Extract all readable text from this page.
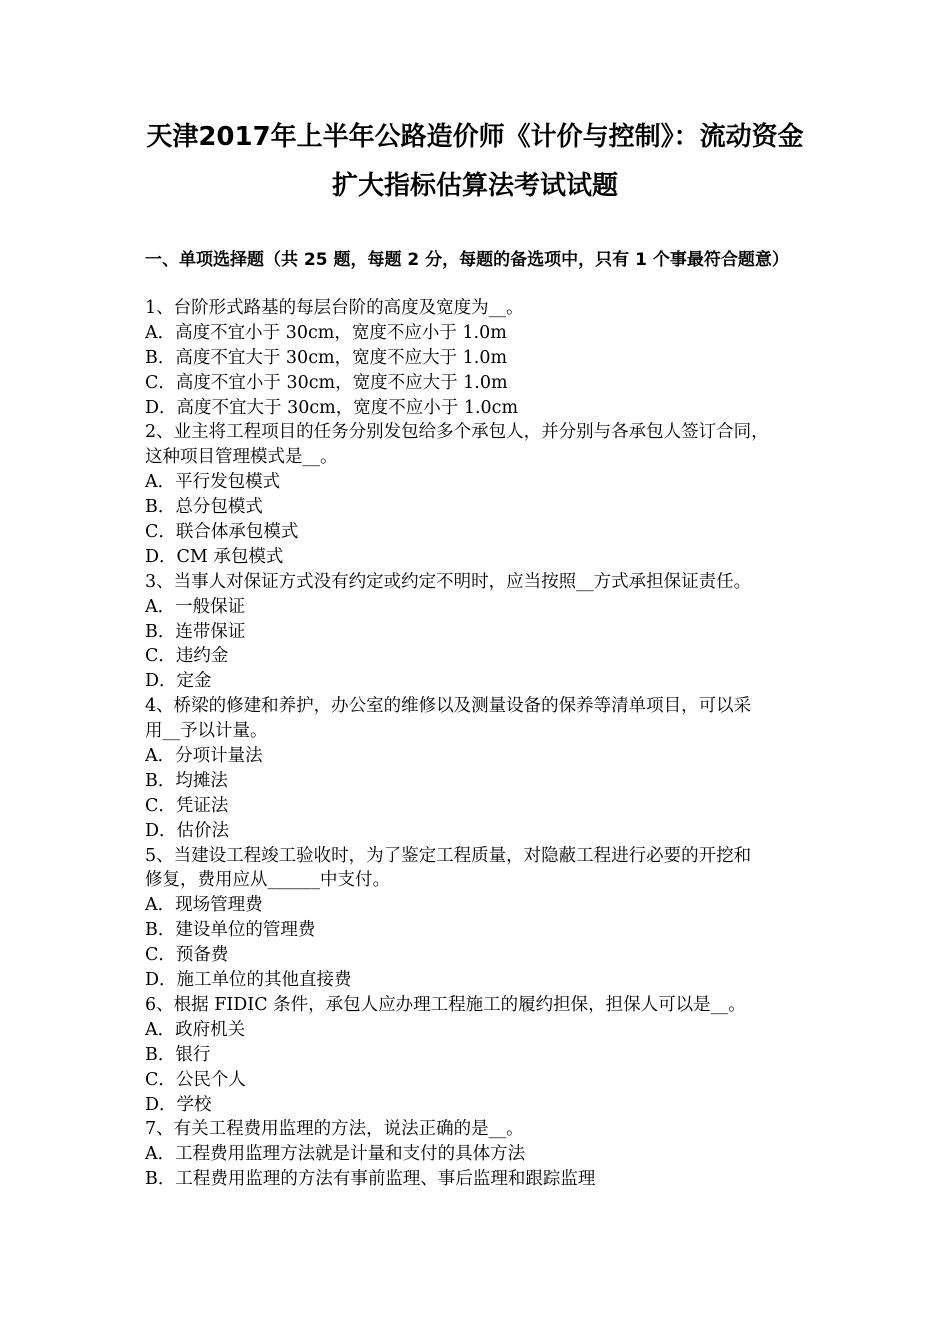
天津2017年上半年公路造价师《计价与控制》：流动资金
扩大指标估算法考试试题
一、单项选择题（共 25 题，每题 2 分，每题的备选项中，只有 1 个事最符合题意）
1、台阶形式路基的每层台阶的高度及宽度为__。
A．高度不宜小于 30cm，宽度不应小于 1.0m
B．高度不宜大于 30cm，宽度不应大于 1.0m
C．高度不宜小于 30cm，宽度不应大于 1.0m
D．高度不宜大于 30cm，宽度不应小于 1.0cm
2、业主将工程项目的任务分别发包给多个承包人，并分别与各承包人签订合同，
这种项目管理模式是__。
A．平行发包模式
B．总分包模式
C．联合体承包模式
D．CM 承包模式
3、当事人对保证方式没有约定或约定不明时，应当按照__方式承担保证责任。
A．一般保证
B．连带保证
C．违约金
D．定金
4、桥梁的修建和养护，办公室的维修以及测量设备的保养等清单项目，可以采
用__予以计量。
A．分项计量法
B．均摊法
C．凭证法
D．估价法
5、当建设工程竣工验收时，为了鉴定工程质量，对隐蔽工程进行必要的开挖和
修复，费用应从______中支付。
A．现场管理费
B．建设单位的管理费
C．预备费
D．施工单位的其他直接费
6、根据 FIDIC 条件，承包人应办理工程施工的履约担保，担保人可以是__。
A．政府机关
B．银行
C．公民个人
D．学校
7、有关工程费用监理的方法，说法正确的是__。
A．工程费用监理方法就是计量和支付的具体方法
B．工程费用监理的方法有事前监理、事后监理和跟踪监理
